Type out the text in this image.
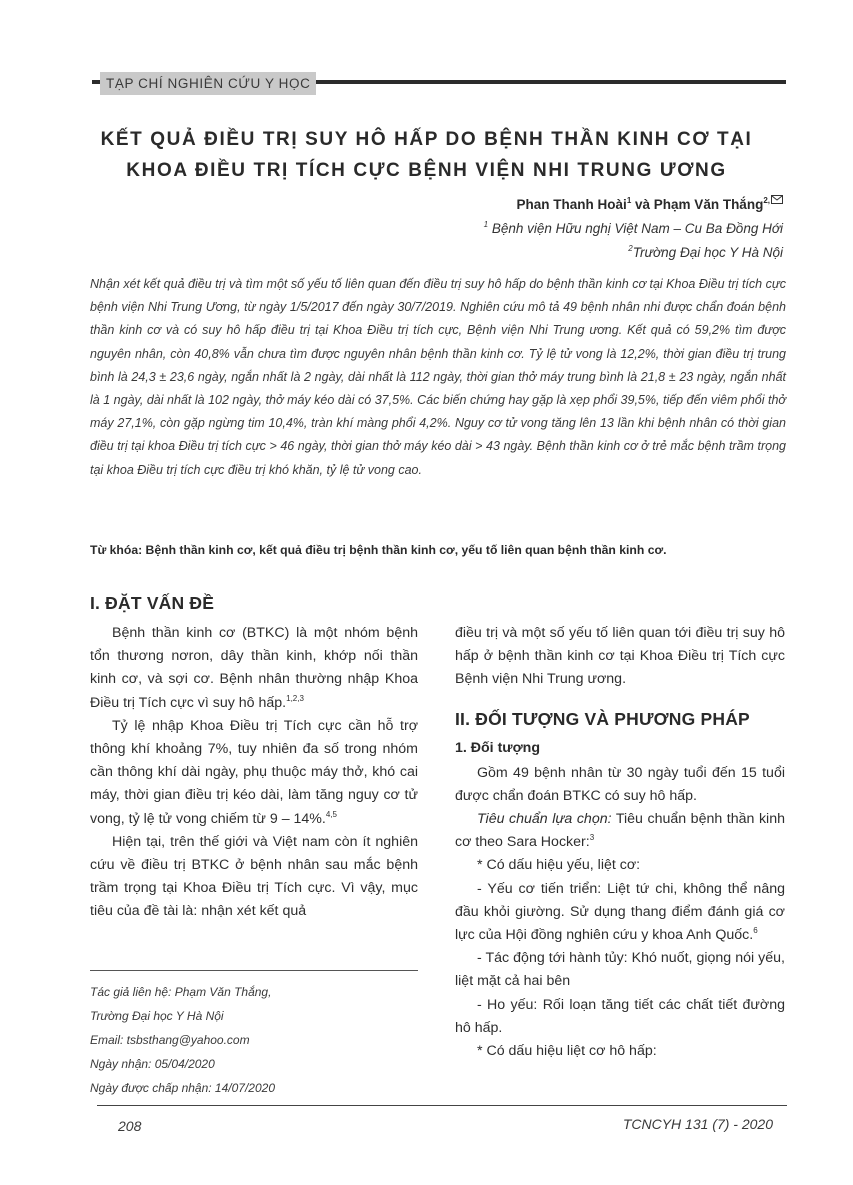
TẠP CHÍ NGHIÊN CỨU Y HỌC
KẾT QUẢ ĐIỀU TRỊ SUY HÔ HẤP DO BỆNH THẦN KINH CƠ TẠI
KHOA ĐIỀU TRỊ TÍCH CỰC BỆNH VIỆN NHI TRUNG ƯƠNG
Phan Thanh Hoài$^1$ và Phạm Văn Thắng$^{2,}$
$^1$ Bệnh viện Hữu nghị Việt Nam – Cu Ba Đồng Hới
$^2$Trường Đại học Y Hà Nội
Nhận xét kết quả điều trị và tìm một số yếu tố liên quan đến điều trị suy hô hấp do bệnh thần kinh cơ tại Khoa Điều trị tích cực bệnh viện Nhi Trung Ương, từ ngày 1/5/2017 đến ngày 30/7/2019. Nghiên cứu mô tả 49 bệnh nhân nhi được chẩn đoán bệnh thần kinh cơ và có suy hô hấp điều trị tại Khoa Điều trị tích cực, Bệnh viện Nhi Trung ương. Kết quả có 59,2% tìm được nguyên nhân, còn 40,8% vẫn chưa tìm được nguyên nhân bệnh thần kinh cơ. Tỷ lệ tử vong là 12,2%, thời gian điều trị trung bình là 24,3 ± 23,6 ngày, ngắn nhất là 2 ngày, dài nhất là 112 ngày, thời gian thở máy trung bình là 21,8 ± 23 ngày, ngắn nhất là 1 ngày, dài nhất là 102 ngày, thở máy kéo dài có 37,5%. Các biến chứng hay gặp là xẹp phổi 39,5%, tiếp đến viêm phổi thở máy 27,1%, còn gặp ngừng tim 10,4%, tràn khí màng phổi 4,2%. Nguy cơ tử vong tăng lên 13 lần khi bệnh nhân có thời gian điều trị tại khoa Điều trị tích cực > 46 ngày, thời gian thở máy kéo dài > 43 ngày. Bệnh thần kinh cơ ở trẻ mắc bệnh trầm trọng tại khoa Điều trị tích cực điều trị khó khăn, tỷ lệ tử vong cao.
Từ khóa: Bệnh thần kinh cơ, kết quả điều trị bệnh thần kinh cơ, yếu tố liên quan bệnh thần kinh cơ.
I. ĐẶT VẤN ĐỀ

Bệnh thần kinh cơ (BTKC) là một nhóm bệnh tổn thương nơron, dây thần kinh, khớp nối thần kinh cơ, và sợi cơ. Bệnh nhân thường nhập Khoa Điều trị Tích cực vì suy hô hấp.$^{1,2,3}$

Tỷ lệ nhập Khoa Điều trị Tích cực cần hỗ trợ thông khí khoảng 7%, tuy nhiên đa số trong nhóm cần thông khí dài ngày, phụ thuộc máy thở, khó cai máy, thời gian điều trị kéo dài, làm tăng nguy cơ tử vong, tỷ lệ tử vong chiếm từ 9 – 14%.$^{4,5}$

Hiện tại, trên thế giới và Việt nam còn ít nghiên cứu về điều trị BTKC ở bệnh nhân sau mắc bệnh trầm trọng tại Khoa Điều trị Tích cực. Vì vậy, mục tiêu của đề tài là: nhận xét kết quả

điều trị và một số yếu tố liên quan tới điều trị suy hô hấp ở bệnh thần kinh cơ tại Khoa Điều trị Tích cực Bệnh viện Nhi Trung ương.

II. ĐỐI TƯỢNG VÀ PHƯƠNG PHÁP
1. Đối tượng

Gồm 49 bệnh nhân từ 30 ngày tuổi đến 15 tuổi được chẩn đoán BTKC có suy hô hấp.

Tiêu chuẩn lựa chọn: Tiêu chuẩn bệnh thần kinh cơ theo Sara Hocker:$^3$

* Có dấu hiệu yếu, liệt cơ:

- Yếu cơ tiến triển: Liệt tứ chi, không thể nâng đầu khỏi giường. Sử dụng thang điểm đánh giá cơ lực của Hội đồng nghiên cứu y khoa Anh Quốc.$^6$

- Tác động tới hành tủy: Khó nuốt, giọng nói yếu, liệt mặt cả hai bên

- Ho yếu: Rối loạn tăng tiết các chất tiết đường hô hấp.

* Có dấu hiệu liệt cơ hô hấp:

Tác giả liên hệ: Phạm Văn Thắng,
Trường Đại học Y Hà Nội
Email: tsbsthang@yahoo.com
Ngày nhận: 05/04/2020
Ngày được chấp nhận: 14/07/2020
208	TCNCYH 131 (7) - 2020
